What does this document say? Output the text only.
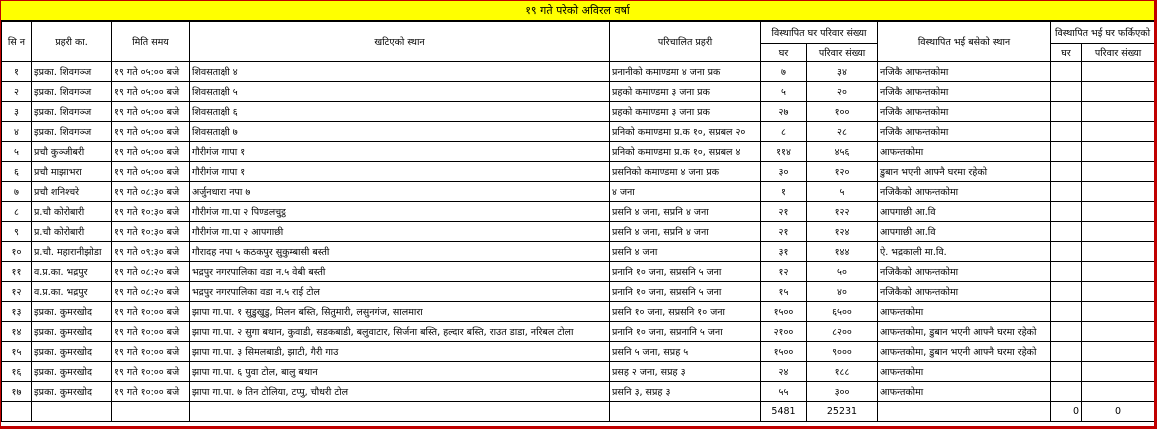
१९ गते परेको अविरल वर्षा
सि न	प्रहरी का.	मिति समय	खटिएको स्थान	परिचालित प्रहरी	विस्थापित घर परिवार संख्या		विस्थापित भई बसेको स्थान	विस्थापित भई घर फर्किएको	
					घर	परिवार संख्या		घर	परिवार संख्या
१	इप्रका. शिवगञ्ज	१९ गते ०५:०० बजे	शिवसताक्षी ४	प्रनानीको कमाण्डमा ४ जना प्रक	७	३४	नजिकै आफन्तकोमा		
२	इप्रका. शिवगञ्ज	१९ गते ०५:०० बजे	शिवसताक्षी ५	प्रहको कमाण्डमा ३ जना प्रक	५	२०	नजिकै आफन्तकोमा		
३	इप्रका. शिवगञ्ज	१९ गते ०५:०० बजे	शिवसताक्षी ६	प्रहको कमाण्डमा ३ जना प्रक	२७	१००	नजिकै आफन्तकोमा		
४	इप्रका. शिवगञ्ज	१९ गते ०५:०० बजे	शिवसताक्षी ७	प्रनिको कमाण्डमा प्र.क १०, सप्रबल २०	८	२८	नजिकै आफन्तकोमा		
५	प्रचौ कुञ्जीबरी	१९ गते ०५:०० बजे	गौरीगंज गापा १	प्रनिको कमाण्डमा प्र.क १०, सप्रबल ४	११४	४५६	आफन्तकोमा		
६	प्रचौ माझाभरा	१९ गते ०५:०० बजे	गौरीगंज गापा १	प्रसनिको कमाण्डमा ४ जना प्रक	३०	१२०	डुबान भएनी आफ्नै घरमा रहेको		
७	प्रचौ शनिश्चरे	१९ गते ०८:३० बजे	अर्जुनधारा नपा ७	४ जना	१	५	नजिकैको आफन्तकोमा		
८	प्र.चौ कोरोबारी	१९ गते १०:३० बजे	गौरीगंज गा.पा २ पिण्डलचुट्ठ	प्रसनि ४ जना, सप्रनि ४ जना	२१	१२२	आपगाछी आ.वि		
९	प्र.चौ कोरोबारी	१९ गते १०:३० बजे	गौरीगंज गा.पा २ आपगाछी	प्रसनि ४ जना, सप्रनि ४ जना	२१	१२४	आपगाछी आ.वि		
१०	प्र.चौ. महारानीझोडा	१९ गते ०९:३० बजे	गौरादह नपा ५ कठकपुर सुकुम्बासी बस्ती	प्रसनि ४ जना	३१	१४४	ऐ. भद्रकाली मा.वि.		
११	व.प्र.का. भद्रपुर	१९ गते ०८:२० बजे	भद्रपुर नगरपालिका वडा न.५ वेबी बस्ती	प्रनानि १० जना, सप्रसनि ५ जना	१२	५०	नजिकैको आफन्तकोमा		
१२	व.प्र.का. भद्रपुर	१९ गते ०८:२० बजे	भद्रपुर नगरपालिका वडा न.५ राई टोल	प्रनानि १० जना, सप्रसनि ५ जना	१५	४०	नजिकैको आफन्तकोमा		
१३	इप्रका. कुमरखोद	१९ गते १०:०० बजे	झापा गा.पा. १ सुडुखुडु, मिलन बस्ति, सितुमारी, लसुनगंज, सालमारा	प्रसनि १० जना, सप्रसनि १० जना	१५००	६५००	आफन्तकोमा		
१४	इप्रका. कुमरखोद	१९ गते १०:०० बजे	झापा गा.पा. २ सुगा बथान, कुवाडी, सडकबाडी, बलुवाटार, सिर्जना बस्ति, हल्दार बस्ति, राउत डाडा, नरिबल टोला	प्रनानि १० जना, सप्रनानि ५ जना	२१००	८२००	आफन्तकोमा, डुबान भएनी आफ्नै घरमा रहेको		
१५	इप्रका. कुमरखोद	१९ गते १०:०० बजे	झापा गा.पा. ३ सिमलबाडी, झाटी, गैरी गाउ	प्रसनि ५ जना, सप्रह ५	१५००	९०००	आफन्तकोमा, डुबान भएनी आफ्नै घरमा रहेको		
१६	इप्रका. कुमरखोद	१९ गते १०:०० बजे	झापा गा.पा. ६ पुवा टोल, बालु बथान	प्रसह २ जना, सप्रह ३	२४	१८८	आफन्तकोमा		
१७	इप्रका. कुमरखोद	१९ गते १०:०० बजे	झापा गा.पा. ७ तिन टोलिया, टप्पु, चौधरी टोल	प्रसनि ३, सप्रह ३	५५	३००	आफन्तकोमा		
					5481	25231		0	0
